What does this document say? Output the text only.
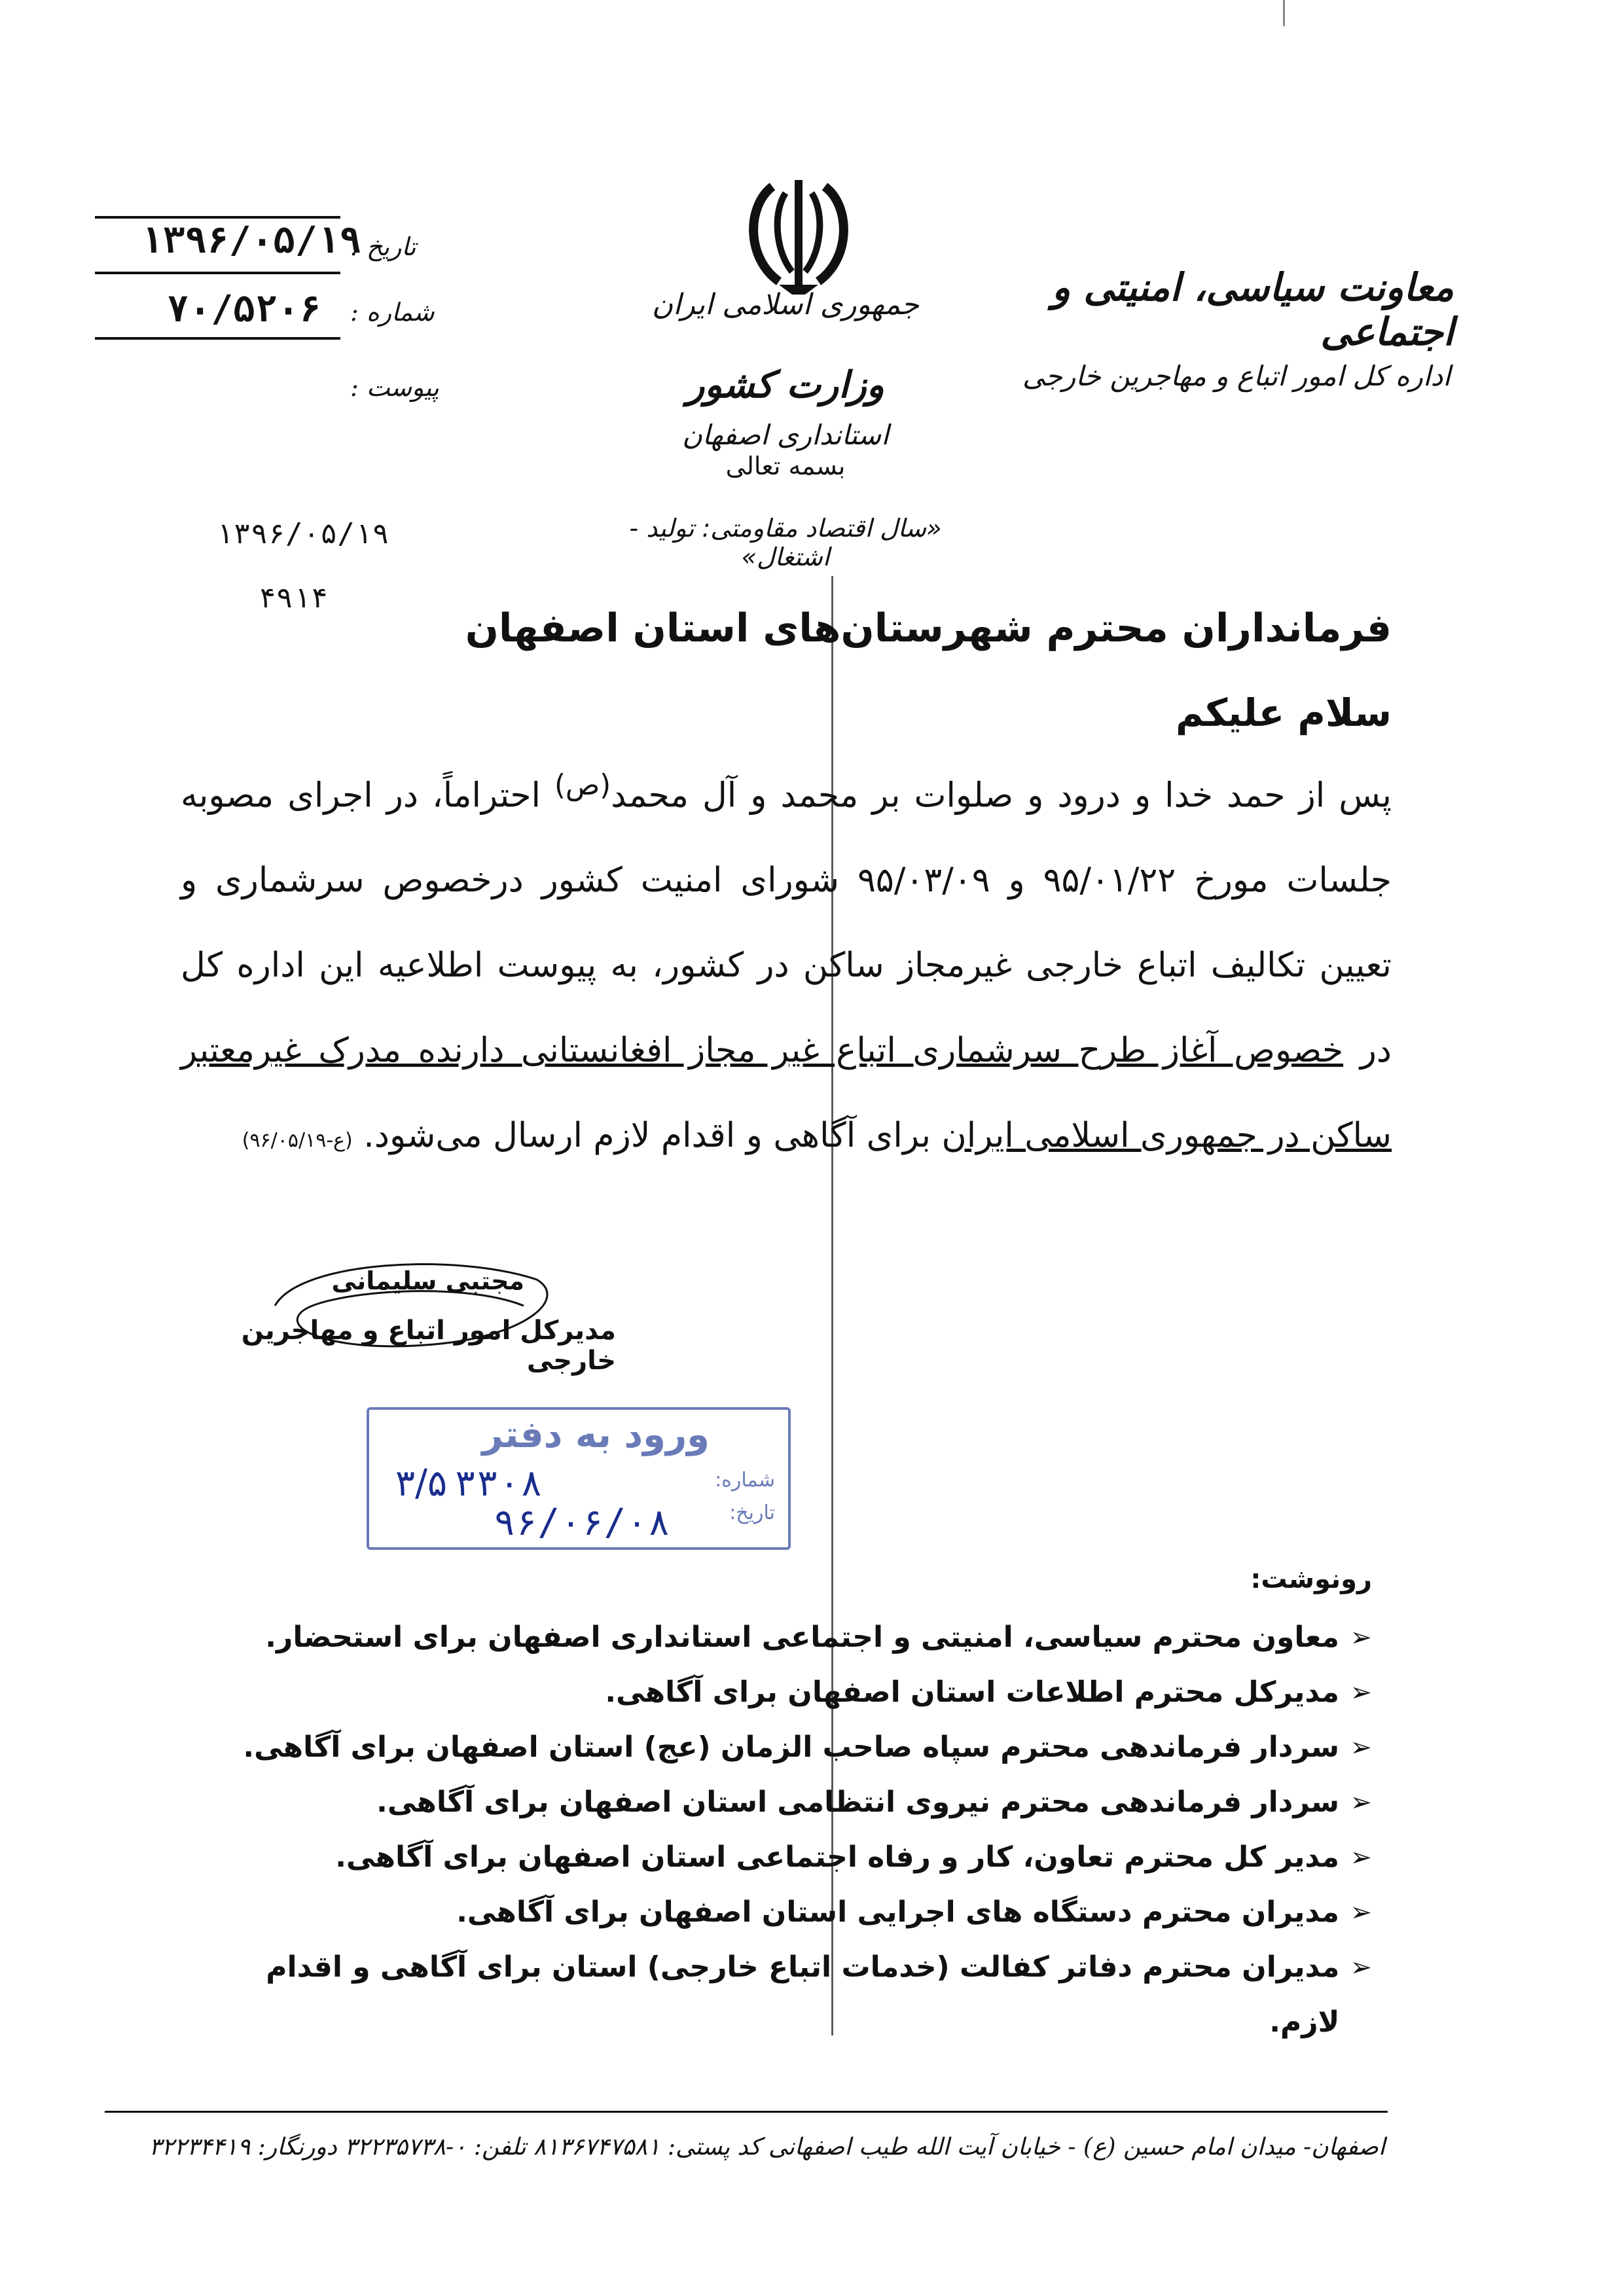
جمهوری اسلامی ایران
وزارت کشور
استانداری اصفهان
بسمه تعالی
معاونت سیاسی، امنیتی و اجتماعی
اداره کل امور اتباع و مهاجرین خارجی
تاریخ :
شماره :
پیوست :
۱۳۹۶/۰۵/۱۹
۷۰/۵۲۰۶
«سال اقتصاد مقاومتی: تولید - اشتغال»
۱۳۹۶/۰۵/۱۹
۴۹۱۴
فرمانداران محترم شهرستان‌های استان اصفهان
سلام علیکم
پس از حمد خدا و درود و صلوات بر محمد و آل محمد$^{(ص)}$ احتراماً، در اجرای مصوبه جلسات مورخ ۹۵/۰۱/۲۲ و ۹۵/۰۳/۰۹ شورای امنیت کشور درخصوص سرشماری و تعیین تکالیف اتباع خارجی غیرمجاز ساکن در کشور، به پیوست اطلاعیه این اداره کل در خصوص آغاز طرح سرشماری اتباع غیر مجاز افغانستانی دارنده مدرک غیرمعتبر ساکن در جمهوری اسلامی ایران برای آگاهی و اقدام لازم ارسال می‌شود. (ع-۹۶/۰۵/۱۹)
مجتبی سلیمانی
مدیرکل امور اتباع و مهاجرین خارجی
ورود به دفتر
شماره:
تاریخ:
۳۳۰۸
۹۶/۰۶/۰۸
۳/۵
رونوشت:
➢
معاون محترم سیاسی، امنیتی و اجتماعی استانداری اصفهان برای استحضار.
➢
مدیرکل محترم اطلاعات استان اصفهان برای آگاهی.
➢
سردار فرماندهی محترم سپاه صاحب الزمان (عج) استان اصفهان برای آگاهی.
➢
سردار فرماندهی محترم نیروی انتظامی استان اصفهان برای آگاهی.
➢
مدیر کل محترم تعاون، کار و رفاه اجتماعی استان اصفهان برای آگاهی.
➢
مدیران محترم دستگاه های اجرایی استان اصفهان برای آگاهی.
➢
مدیران محترم دفاتر کفالت (خدمات اتباع خارجی) استان برای آگاهی و اقدام لازم.
اصفهان- میدان امام حسین (ع) - خیابان آیت الله طیب اصفهانی کد پستی: ۸۱۳۶۷۴۷۵۸۱ تلفن: ۰-۳۲۲۳۵۷۳۸ دورنگار: ۳۲۲۳۴۴۱۹
